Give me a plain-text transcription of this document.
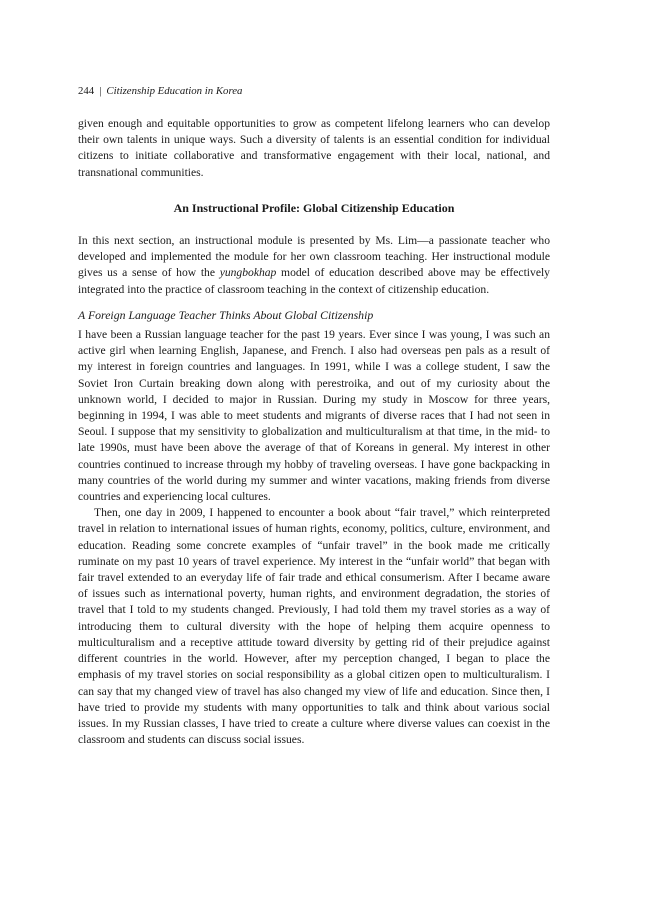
244 | Citizenship Education in Korea

given enough and equitable opportunities to grow as competent lifelong learners who can develop their own talents in unique ways. Such a diversity of talents is an essential condition for individual citizens to initiate collaborative and transformative engagement with their local, national, and transnational communities.

An Instructional Profile: Global Citizenship Education

In this next section, an instructional module is presented by Ms. Lim—a passionate teacher who developed and implemented the module for her own classroom teaching. Her instructional module gives us a sense of how the yungbokhap model of education described above may be effectively integrated into the practice of classroom teaching in the context of citizenship education.

A Foreign Language Teacher Thinks About Global Citizenship

I have been a Russian language teacher for the past 19 years. Ever since I was young, I was such an active girl when learning English, Japanese, and French. I also had overseas pen pals as a result of my interest in foreign countries and languages. In 1991, while I was a college student, I saw the Soviet Iron Curtain breaking down along with perestroika, and out of my curiosity about the unknown world, I decided to major in Russian. During my study in Moscow for three years, beginning in 1994, I was able to meet students and migrants of diverse races that I had not seen in Seoul. I suppose that my sensitivity to globalization and multiculturalism at that time, in the mid- to late 1990s, must have been above the average of that of Koreans in general. My interest in other countries continued to increase through my hobby of traveling overseas. I have gone backpacking in many countries of the world during my summer and winter vacations, making friends from diverse countries and experiencing local cultures.

Then, one day in 2009, I happened to encounter a book about “fair travel,” which reinterpreted travel in relation to international issues of human rights, economy, politics, culture, environment, and education. Reading some concrete examples of “unfair travel” in the book made me critically ruminate on my past 10 years of travel experience. My interest in the “unfair world” that began with fair travel extended to an everyday life of fair trade and ethical consumerism. After I became aware of issues such as international poverty, human rights, and environment degradation, the stories of travel that I told to my students changed. Previously, I had told them my travel stories as a way of introducing them to cultural diversity with the hope of helping them acquire openness to multiculturalism and a receptive attitude toward diversity by getting rid of their prejudice against different countries in the world. However, after my perception changed, I began to place the emphasis of my travel stories on social responsibility as a global citizen open to multiculturalism. I can say that my changed view of travel has also changed my view of life and education. Since then, I have tried to provide my students with many opportunities to talk and think about various social issues. In my Russian classes, I have tried to create a culture where diverse values can coexist in the classroom and students can discuss social issues.
